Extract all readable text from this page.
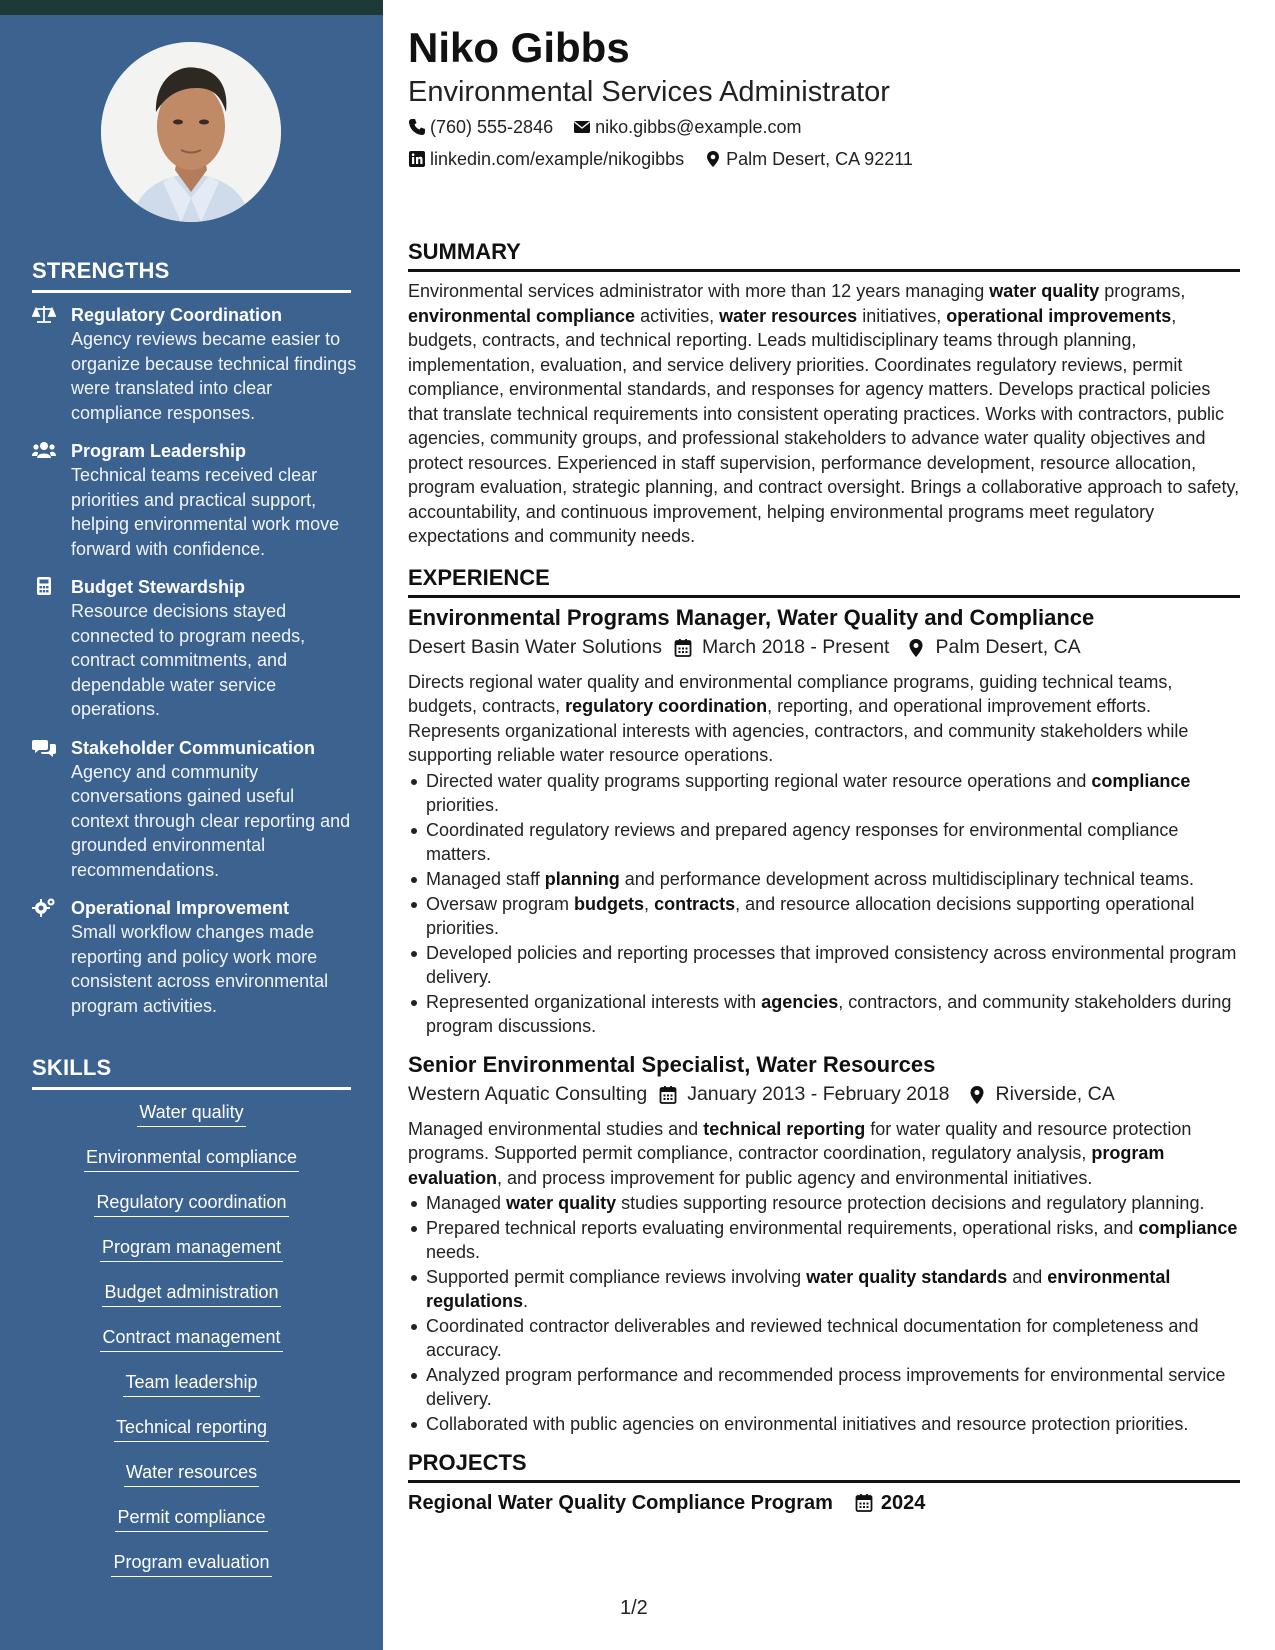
STRENGTHS
Regulatory Coordination
Agency reviews became easier to organize because technical findings were translated into clear compliance responses.
Program Leadership
Technical teams received clear priorities and practical support, helping environmental work move forward with confidence.
Budget Stewardship
Resource decisions stayed connected to program needs, contract commitments, and dependable water service operations.
Stakeholder Communication
Agency and community conversations gained useful context through clear reporting and grounded environmental recommendations.
Operational Improvement
Small workflow changes made reporting and policy work more consistent across environmental program activities.
SKILLS
Water quality
Environmental compliance
Regulatory coordination
Program management
Budget administration
Contract management
Team leadership
Technical reporting
Water resources
Permit compliance
Program evaluation
Niko Gibbs
Environmental Services Administrator
(760) 555-2846 niko.gibbs@example.com
linkedin.com/example/nikogibbs Palm Desert, CA 92211
SUMMARY

Environmental services administrator with more than 12 years managing water quality programs, environmental compliance activities, water resources initiatives, operational improvements, budgets, contracts, and technical reporting. Leads multidisciplinary teams through planning, implementation, evaluation, and service delivery priorities. Coordinates regulatory reviews, permit compliance, environmental standards, and responses for agency matters. Develops practical policies that translate technical requirements into consistent operating practices. Works with contractors, public agencies, community groups, and professional stakeholders to advance water quality objectives and protect resources. Experienced in staff supervision, performance development, resource allocation, program evaluation, strategic planning, and contract oversight. Brings a collaborative approach to safety, accountability, and continuous improvement, helping environmental programs meet regulatory expectations and community needs.

EXPERIENCE
Environmental Programs Manager, Water Quality and Compliance
Desert Basin Water Solutions March 2018 - Present Palm Desert, CA

Directs regional water quality and environmental compliance programs, guiding technical teams, budgets, contracts, regulatory coordination, reporting, and operational improvement efforts. Represents organizational interests with agencies, contractors, and community stakeholders while supporting reliable water resource operations.

Directed water quality programs supporting regional water resource operations and compliance priorities.
Coordinated regulatory reviews and prepared agency responses for environmental compliance matters.
Managed staff planning and performance development across multidisciplinary technical teams.
Oversaw program budgets, contracts, and resource allocation decisions supporting operational priorities.
Developed policies and reporting processes that improved consistency across environmental program delivery.
Represented organizational interests with agencies, contractors, and community stakeholders during program discussions.
Senior Environmental Specialist, Water Resources
Western Aquatic Consulting January 2013 - February 2018 Riverside, CA

Managed environmental studies and technical reporting for water quality and resource protection programs. Supported permit compliance, contractor coordination, regulatory analysis, program evaluation, and process improvement for public agency and environmental initiatives.

Managed water quality studies supporting resource protection decisions and regulatory planning.
Prepared technical reports evaluating environmental requirements, operational risks, and compliance needs.
Supported permit compliance reviews involving water quality standards and environmental regulations.
Coordinated contractor deliverables and reviewed technical documentation for completeness and accuracy.
Analyzed program performance and recommended process improvements for environmental service delivery.
Collaborated with public agencies on environmental initiatives and resource protection priorities.
PROJECTS
Regional Water Quality Compliance Program 2024
1/2
